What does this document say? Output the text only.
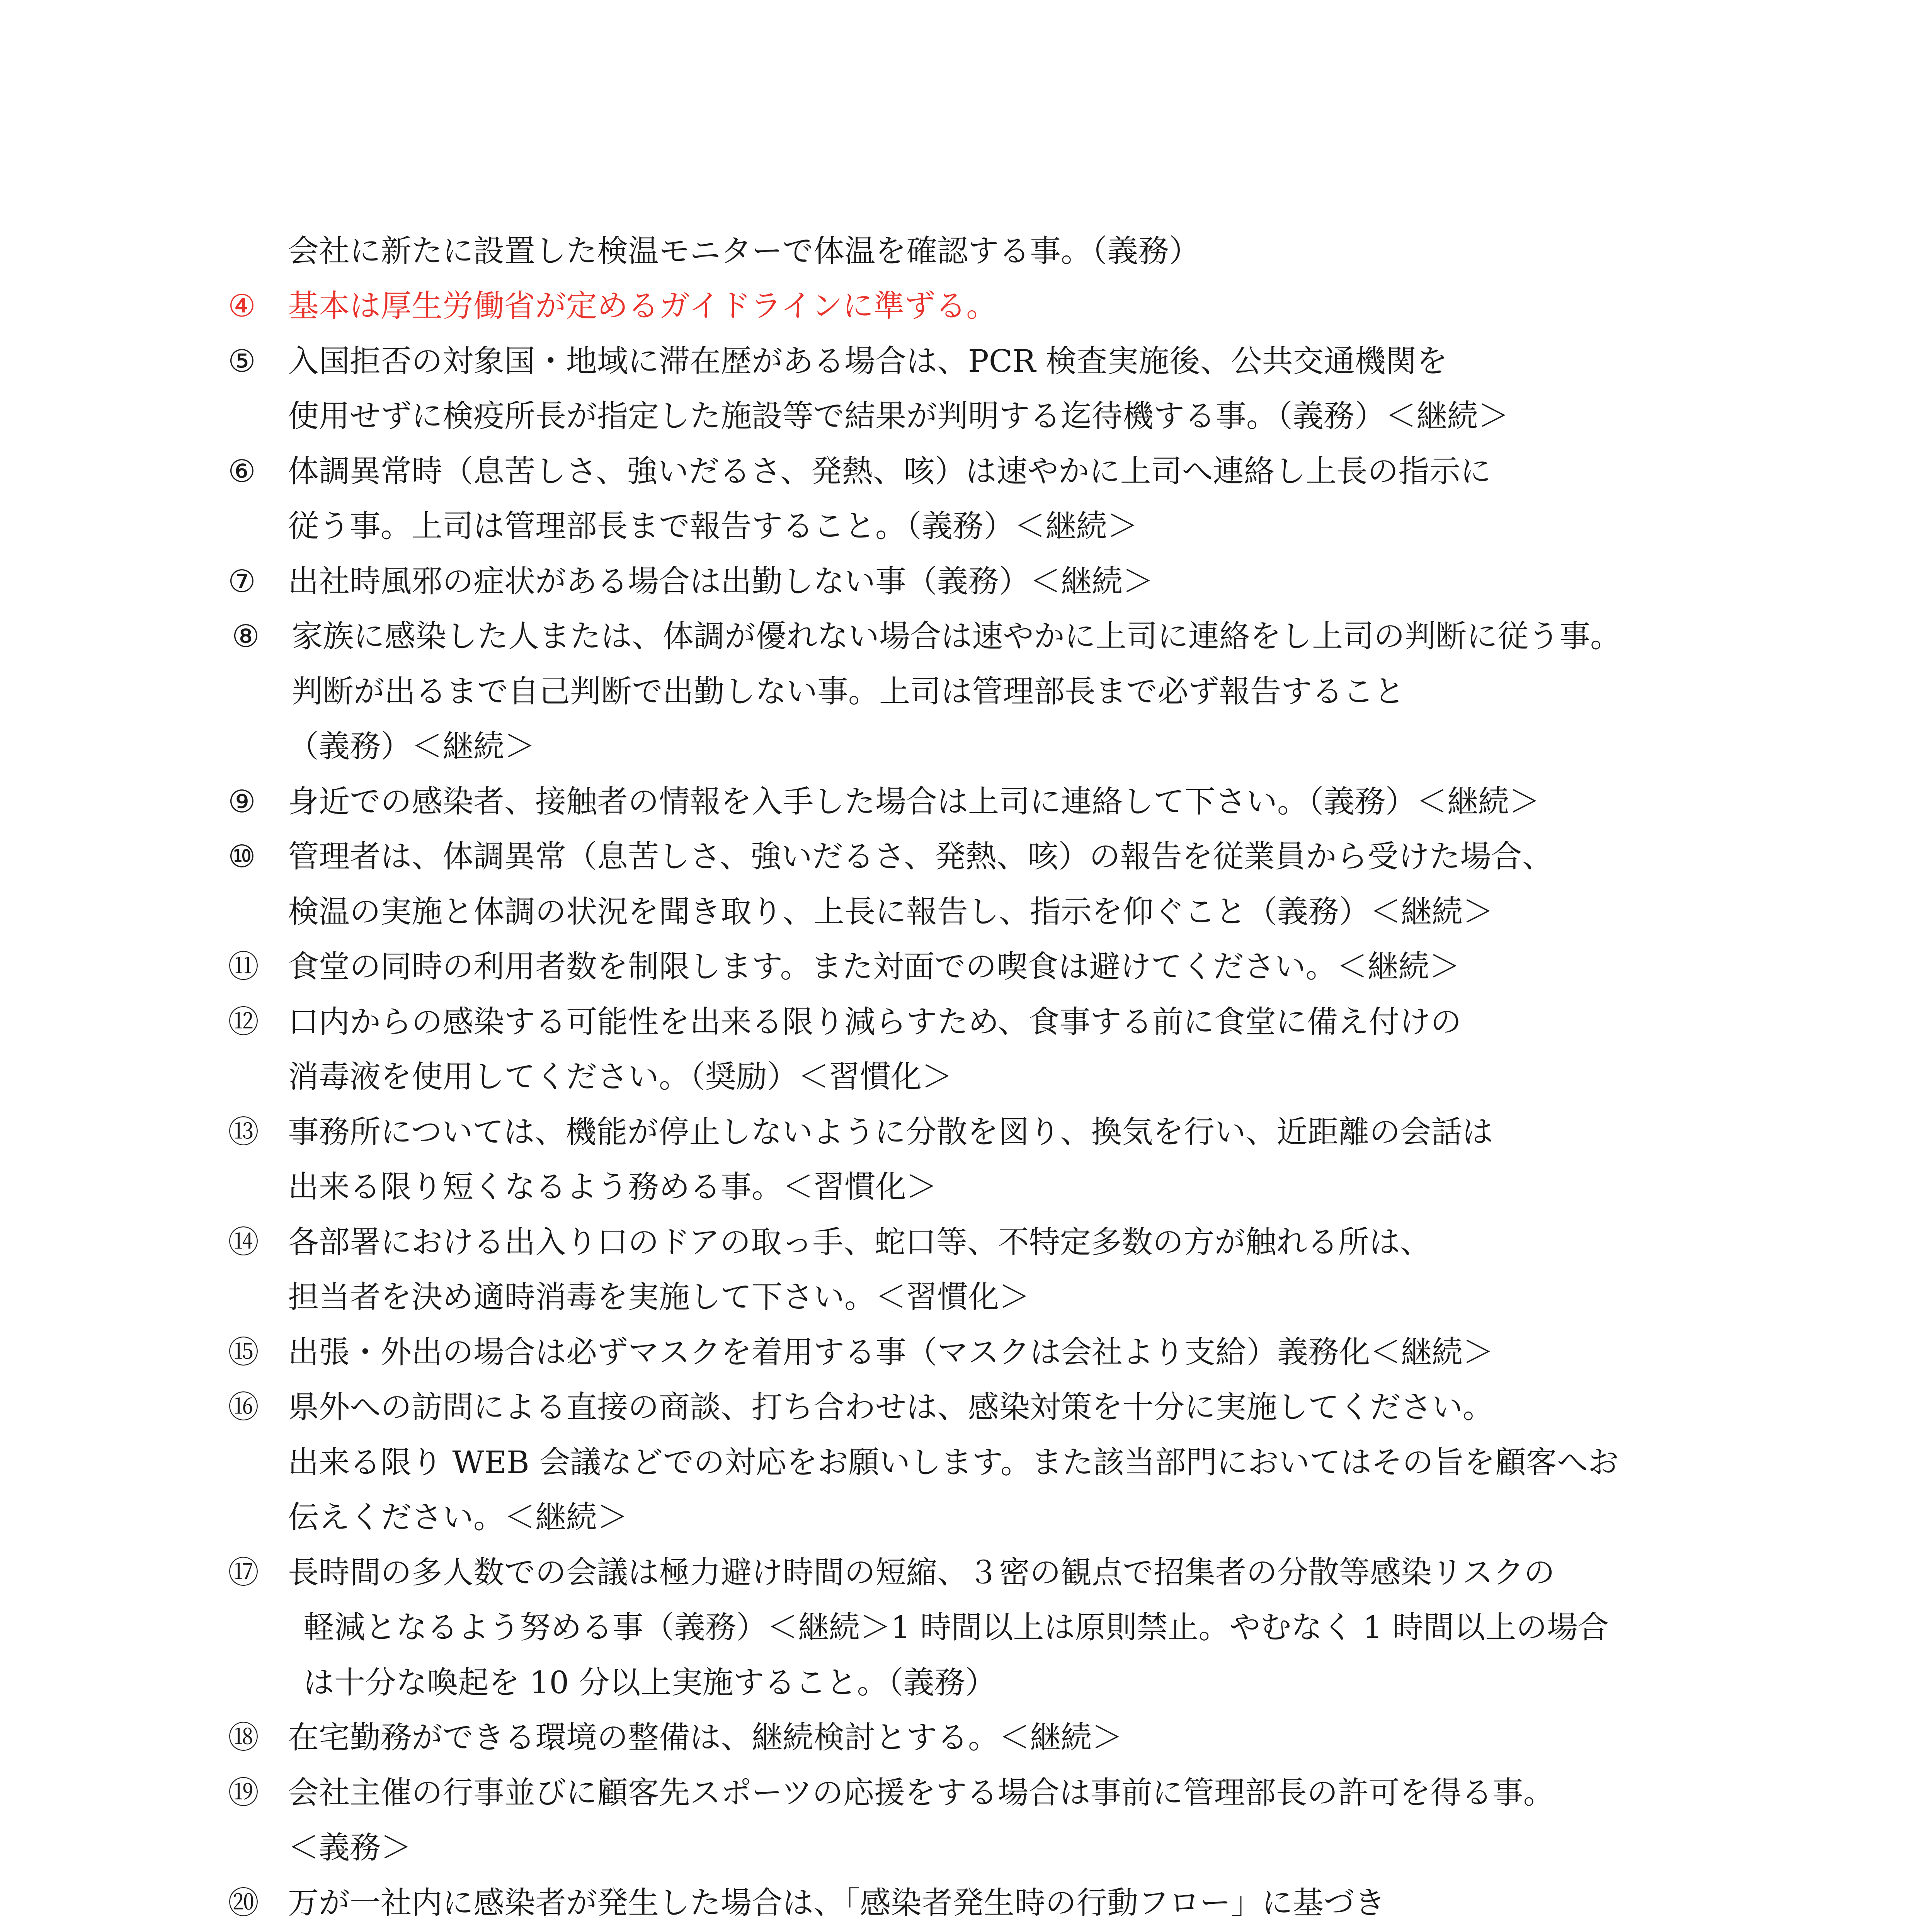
会社に新たに設置した検温モニターで体温を確認する事。（義務）
④ 基本は厚生労働省が定めるガイドラインに準ずる。
⑤ 入国拒否の対象国・地域に滞在歴がある場合は、PCR 検査実施後、公共交通機関を
使用せずに検疫所長が指定した施設等で結果が判明する迄待機する事。（義務）＜継続＞
⑥ 体調異常時（息苦しさ、強いだるさ、発熱、咳）は速やかに上司へ連絡し上長の指示に
従う事。上司は管理部長まで報告すること。（義務）＜継続＞
⑦ 出社時風邪の症状がある場合は出勤しない事（義務）＜継続＞
⑧ 家族に感染した人または、体調が優れない場合は速やかに上司に連絡をし上司の判断に従う事。
判断が出るまで自己判断で出勤しない事。上司は管理部長まで必ず報告すること
（義務）＜継続＞
⑨ 身近での感染者、接触者の情報を入手した場合は上司に連絡して下さい。（義務）＜継続＞
⑩ 管理者は、体調異常（息苦しさ、強いだるさ、発熱、咳）の報告を従業員から受けた場合、
検温の実施と体調の状況を聞き取り、上長に報告し、指示を仰ぐこと（義務）＜継続＞
⑪ 食堂の同時の利用者数を制限します。また対面での喫食は避けてください。＜継続＞
⑫ 口内からの感染する可能性を出来る限り減らすため、食事する前に食堂に備え付けの
消毒液を使用してください。（奨励）＜習慣化＞
⑬ 事務所については、機能が停止しないように分散を図り、換気を行い、近距離の会話は
出来る限り短くなるよう務める事。＜習慣化＞
⑭ 各部署における出入り口のドアの取っ手、蛇口等、不特定多数の方が触れる所は、
担当者を決め適時消毒を実施して下さい。＜習慣化＞
⑮ 出張・外出の場合は必ずマスクを着用する事（マスクは会社より支給）義務化＜継続＞
⑯ 県外への訪問による直接の商談、打ち合わせは、感染対策を十分に実施してください。
出来る限り WEB 会議などでの対応をお願いします。また該当部門においてはその旨を顧客へお
伝えください。＜継続＞
⑰ 長時間の多人数での会議は極力避け時間の短縮、３密の観点で招集者の分散等感染リスクの
軽減となるよう努める事（義務）＜継続＞1 時間以上は原則禁止。やむなく 1 時間以上の場合
は十分な喚起を 10 分以上実施すること。（義務）
⑱ 在宅勤務ができる環境の整備は、継続検討とする。＜継続＞
⑲ 会社主催の行事並びに顧客先スポーツの応援をする場合は事前に管理部長の許可を得る事。
＜義務＞
⑳ 万が一社内に感染者が発生した場合は、「感染者発生時の行動フロー」に基づき
